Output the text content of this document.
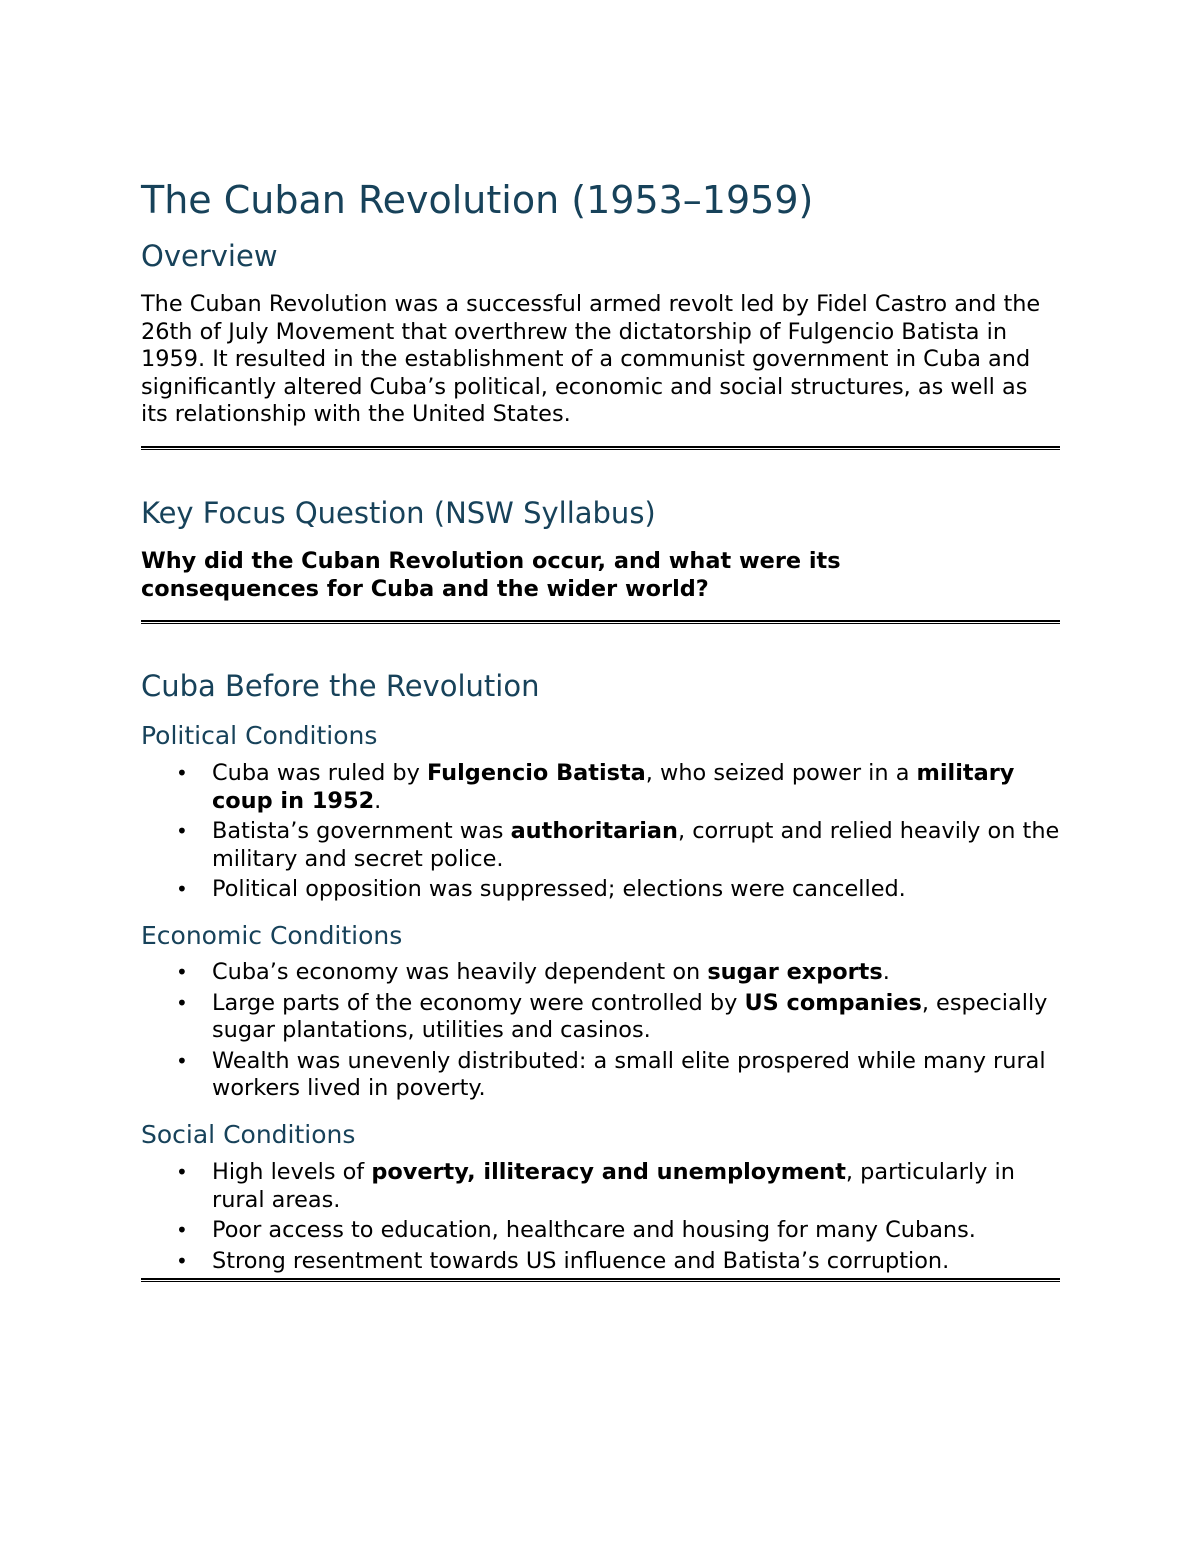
The Cuban Revolution (1953–1959)
Overview

The Cuban Revolution was a successful armed revolt led by Fidel Castro and the 26th of July Movement that overthrew the dictatorship of Fulgencio Batista in 1959. It resulted in the establishment of a communist government in Cuba and significantly altered Cuba’s political, economic and social structures, as well as its relationship with the United States.

Key Focus Question (NSW Syllabus)

Why did the Cuban Revolution occur, and what were its consequences for Cuba and the wider world?

Cuba Before the Revolution
Political Conditions
• Cuba was ruled by Fulgencio Batista, who seized power in a military coup in 1952.
• Batista’s government was authoritarian, corrupt and relied heavily on the military and secret police.
• Political opposition was suppressed; elections were cancelled.
Economic Conditions
• Cuba’s economy was heavily dependent on sugar exports.
• Large parts of the economy were controlled by US companies, especially sugar plantations, utilities and casinos.
• Wealth was unevenly distributed: a small elite prospered while many rural workers lived in poverty.
Social Conditions
• High levels of poverty, illiteracy and unemployment, particularly in rural areas.
• Poor access to education, healthcare and housing for many Cubans.
• Strong resentment towards US influence and Batista’s corruption.
